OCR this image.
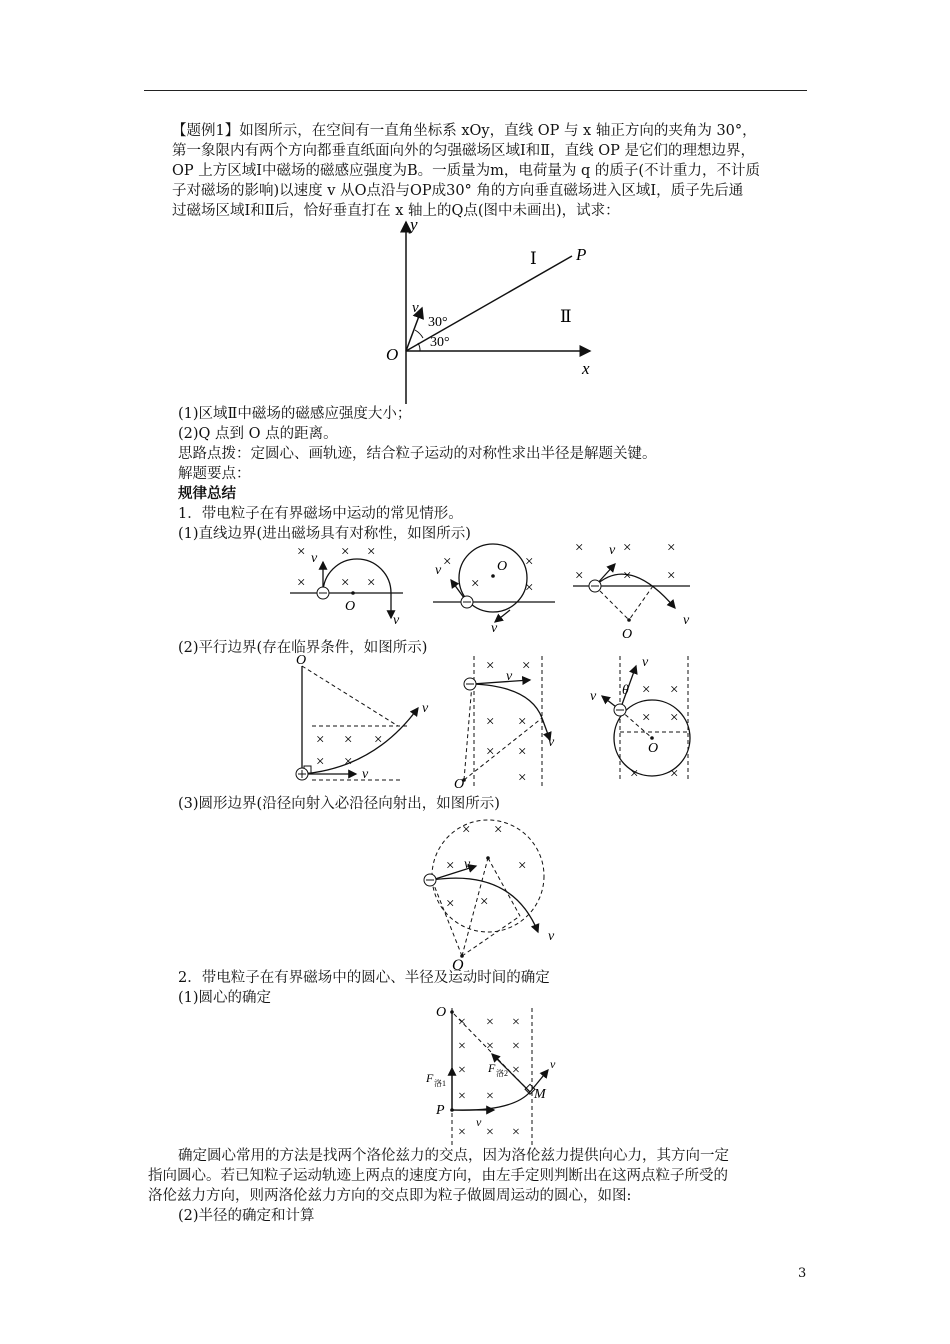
【题例1】如图所示，在空间有一直角坐标系 xOy，直线 OP 与 x 轴正方向的夹角为 30°，
第一象限内有两个方向都垂直纸面向外的匀强磁场区域Ⅰ和Ⅱ，直线 OP 是它们的理想边界，
OP 上方区域Ⅰ中磁场的磁感应强度为B。一质量为m，电荷量为 q 的质子(不计重力，不计质
子对磁场的影响)以速度 v 从O点沿与OP成30° 角的方向垂直磁场进入区域Ⅰ，质子先后通
过磁场区域Ⅰ和Ⅱ后，恰好垂直打在 x 轴上的Q点(图中未画出)，试求：
y
x
O
P
Ⅰ
Ⅱ
v
30°
30°
(1)区域Ⅱ中磁场的磁感应强度大小；
(2)Q 点到 O 点的距离。
思路点拨：定圆心、画轨迹，结合粒子运动的对称性求出半径是解题关键。
解题要点：
规律总结
1．带电粒子在有界磁场中运动的常见情形。
(1)直线边界(进出磁场具有对称性，如图所示)
× × ×
× × ×
v
v
O
×	×
×	×
v
v
O
×	× ×
×	× ×
v
v
O
(2)平行边界(存在临界条件，如图所示)
× × ×
× ×
v
v
O	× ×
× ×
× ×
×
v
v
O
× ×
× ×
× ×
θ
v
v
O
(3)圆形边界(沿径向射入必沿径向射出，如图所示)
× ×
×	×
×
×
v
v
O
2．带电粒子在有界磁场中的圆心、半径及运动时间的确定
(1)圆心的确定
× × ×
× × ×
×	×
× ×
× × ×
O
P
M
v
v
F 洛1
F 洛2
确定圆心常用的方法是找两个洛伦兹力的交点，因为洛伦兹力提供向心力，其方向一定
指向圆心。若已知粒子运动轨迹上两点的速度方向，由左手定则判断出在这两点粒子所受的
洛伦兹力方向，则两洛伦兹力方向的交点即为粒子做圆周运动的圆心，如图:
(2)半径的确定和计算
3
